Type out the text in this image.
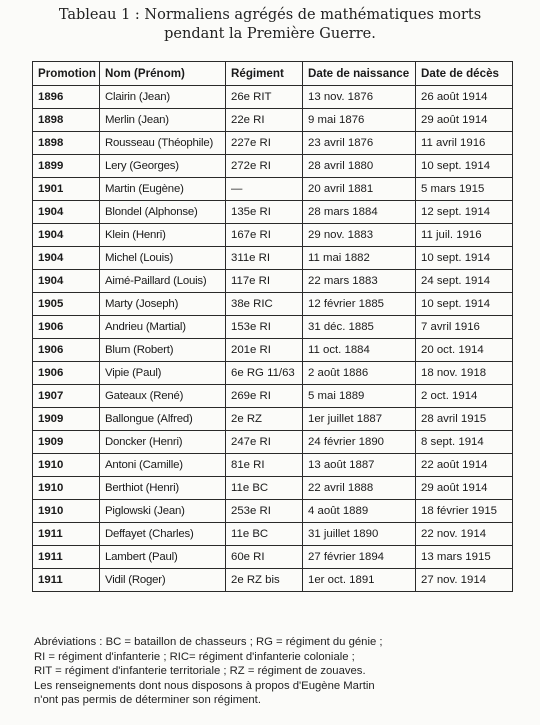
Tableau 1 : Normaliens agrégés de mathématiques morts
pendant la Première Guerre.
Promotion	Nom (Prénom)	Régiment	Date de naissance	Date de décès
1896	Clairin (Jean)	26e RIT	13 nov. 1876	26 août 1914
1898	Merlin (Jean)	22e RI	9 mai 1876	29 août 1914
1898	Rousseau (Théophile)	227e RI	23 avril 1876	11 avril 1916
1899	Lery (Georges)	272e RI	28 avril 1880	10 sept. 1914
1901	Martin (Eugène)	—	20 avril 1881	5 mars 1915
1904	Blondel (Alphonse)	135e RI	28 mars 1884	12 sept. 1914
1904	Klein (Henri)	167e RI	29 nov. 1883	11 juil. 1916
1904	Michel (Louis)	311e RI	11 mai 1882	10 sept. 1914
1904	Aimé-Paillard (Louis)	117e RI	22 mars 1883	24 sept. 1914
1905	Marty (Joseph)	38e RIC	12 février 1885	10 sept. 1914
1906	Andrieu (Martial)	153e RI	31 déc. 1885	7 avril 1916
1906	Blum (Robert)	201e RI	11 oct. 1884	20 oct. 1914
1906	Vipie (Paul)	6e RG 11/63	2 août 1886	18 nov. 1918
1907	Gateaux (René)	269e RI	5 mai 1889	2 oct. 1914
1909	Ballongue (Alfred)	2e RZ	1er juillet 1887	28 avril 1915
1909	Doncker (Henri)	247e RI	24 février 1890	8 sept. 1914
1910	Antoni (Camille)	81e RI	13 août 1887	22 août 1914
1910	Berthiot (Henri)	11e BC	22 avril 1888	29 août 1914
1910	Piglowski (Jean)	253e RI	4 août 1889	18 février 1915
1911	Deffayet (Charles)	11e BC	31 juillet 1890	22 nov. 1914
1911	Lambert (Paul)	60e RI	27 février 1894	13 mars 1915
1911	Vidil (Roger)	2e RZ bis	1er oct. 1891	27 nov. 1914
Abréviations : BC = bataillon de chasseurs ; RG = régiment du génie ;
RI = régiment d'infanterie ; RIC= régiment d'infanterie coloniale ;
RIT = régiment d'infanterie territoriale ; RZ = régiment de zouaves.
Les renseignements dont nous disposons à propos d'Eugène Martin
n'ont pas permis de déterminer son régiment.
